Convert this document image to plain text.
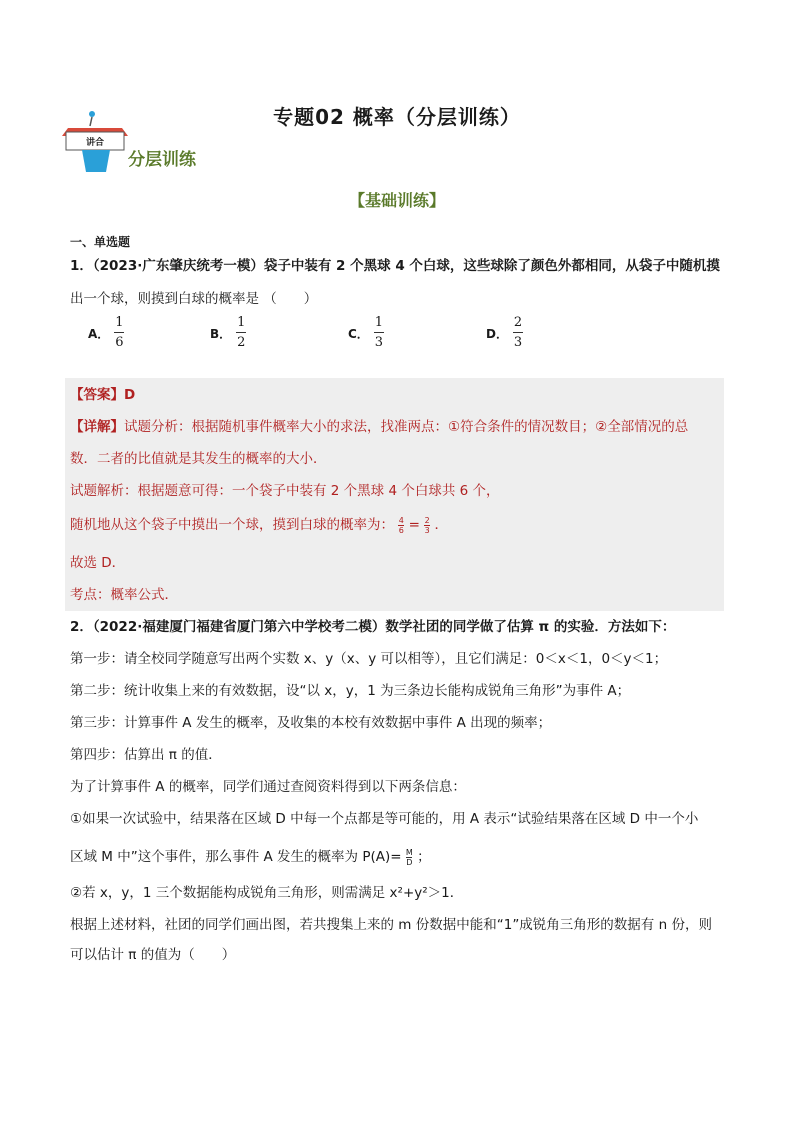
专题02 概率（分层训练）
讲合
分层训练
【基础训练】
一、单选题
1．（2023·广东肇庆统考一模）袋子中装有 2 个黑球 4 个白球，这些球除了颜色外都相同，从袋子中随机摸
出一个球，则摸到白球的概率是 （　　）
A． $\frac{1}{6}$	B． $\frac{1}{2}$	C． $\frac{1}{3}$	D． $\frac{2}{3}$
【答案】D
【详解】试题分析：根据随机事件概率大小的求法，找准两点：①符合条件的情况数目；②全部情况的总
数．二者的比值就是其发生的概率的大小．
试题解析：根据题意可得：一个袋子中装有 2 个黑球 4 个白球共 6 个，
随机地从这个袋子中摸出一个球，摸到白球的概率为： $\frac{4}{6} = \frac{2}{3}$ ．
故选 D．
考点：概率公式．
2．（2022·福建厦门福建省厦门第六中学校考二模）数学社团的同学做了估算 π 的实验．方法如下：
第一步：请全校同学随意写出两个实数 x、y（x、y 可以相等），且它们满足：0＜x＜1，0＜y＜1；
第二步：统计收集上来的有效数据，设“以 x，y，1 为三条边长能构成锐角三角形”为事件 A；
第三步：计算事件 A 发生的概率，及收集的本校有效数据中事件 A 出现的频率；
第四步：估算出 π 的值．
为了计算事件 A 的概率，同学们通过查阅资料得到以下两条信息：
①如果一次试验中，结果落在区域 D 中每一个点都是等可能的，用 A 表示“试验结果落在区域 D 中一个小
区域 M 中”这个事件，那么事件 A 发生的概率为 $P(A)= \frac{M}{D}$ ；
②若 x，y，1 三个数据能构成锐角三角形，则需满足 x²+y²＞1．
根据上述材料，社团的同学们画出图，若共搜集上来的 m 份数据中能和“1”成锐角三角形的数据有 n 份，则
可以估计 π 的值为（　　）
